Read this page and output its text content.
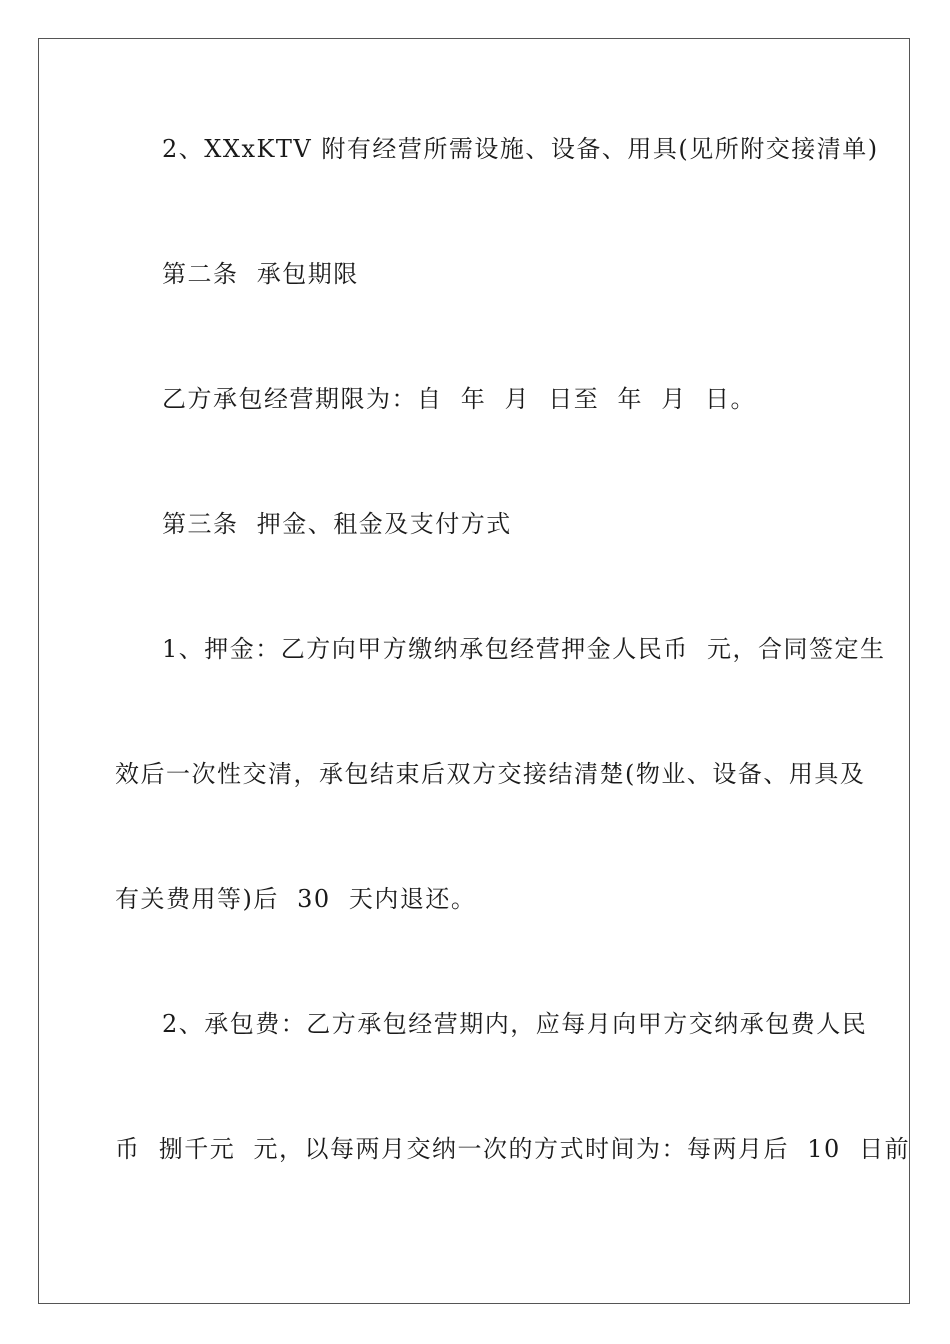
2、XXxKTV 附有经营所需设施、设备、用具(见所附交接清单)
第二条  承包期限
乙方承包经营期限为：自  年  月  日至  年  月  日。
第三条  押金、租金及支付方式
1、押金：乙方向甲方缴纳承包经营押金人民币  元，合同签定生
效后一次性交清，承包结束后双方交接结清楚(物业、设备、用具及
有关费用等)后  30  天内退还。
2、承包费：乙方承包经营期内，应每月向甲方交纳承包费人民
币  捌千元  元，以每两月交纳一次的方式时间为：每两月后  10  日前
